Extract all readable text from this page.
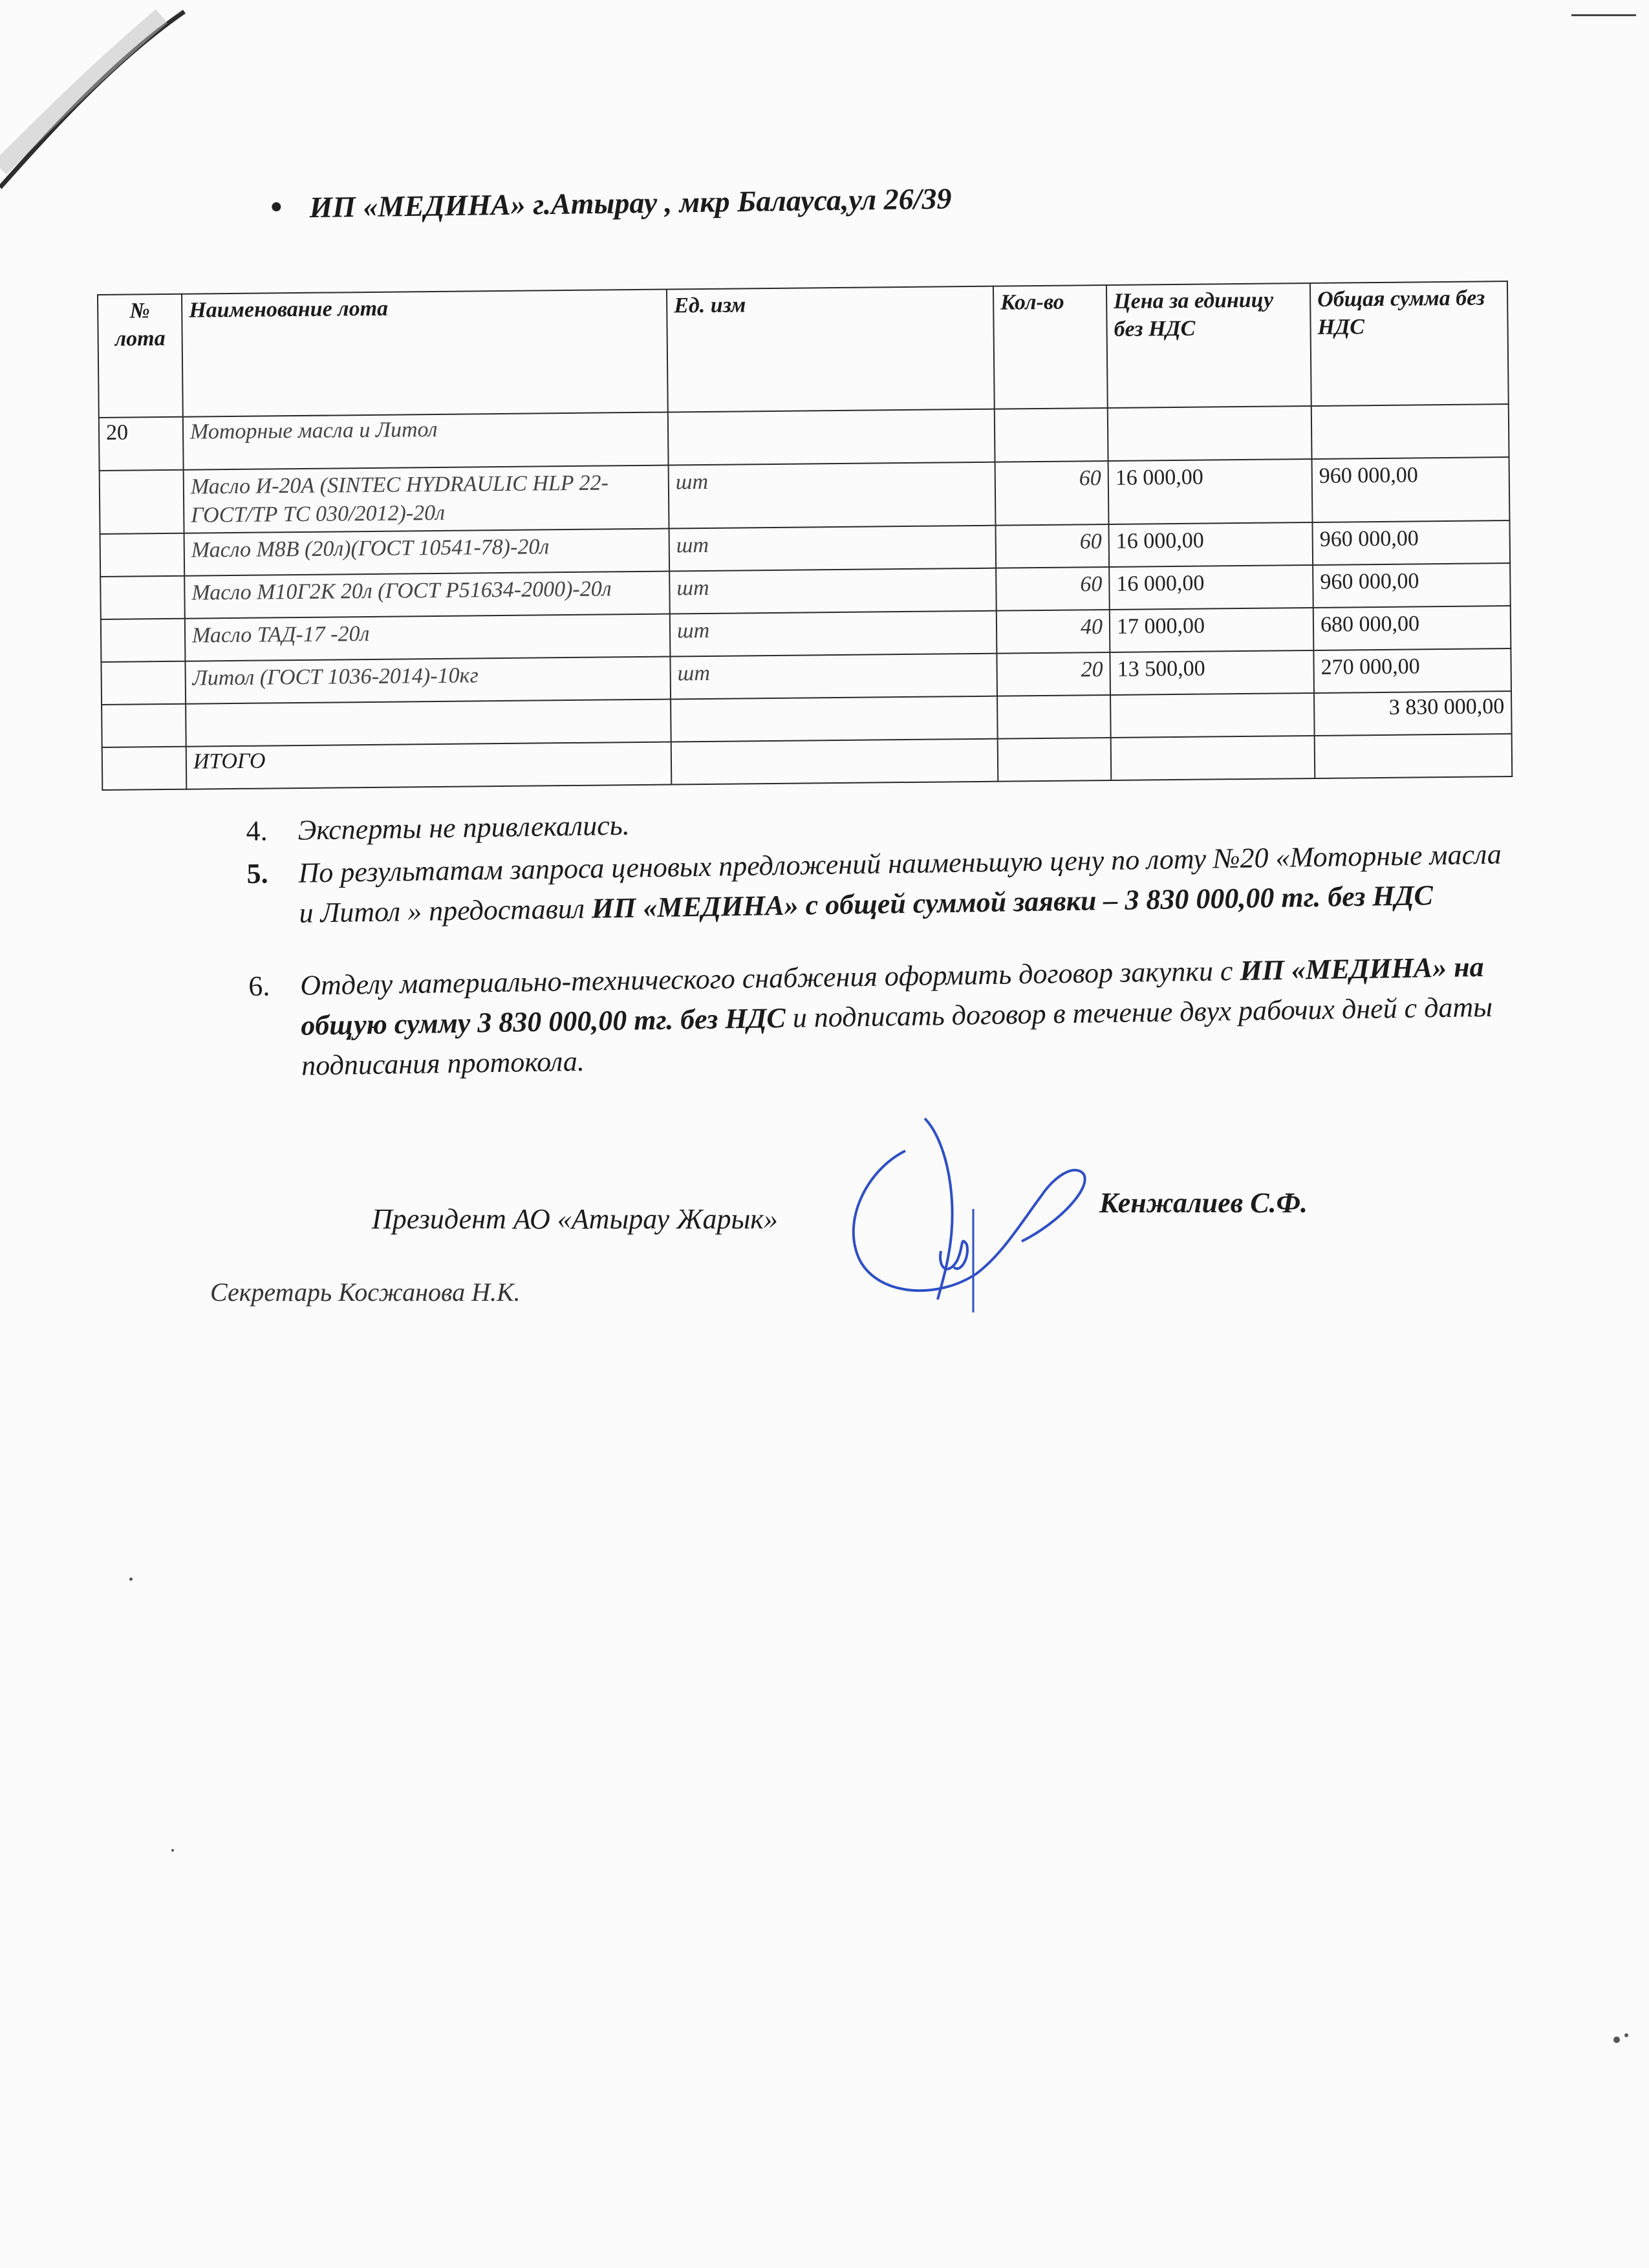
ИП «МЕДИНА» г.Атырау , мкр Балауса,ул 26/39
№ лота	Наименование лота	Ед. изм	Кол-во	Цена за единицу без НДС	Общая сумма без НДС
20	Моторные масла и Литол				
	Масло И-20А (SINTEC HYDRAULIC HLP 22-ГОСТ/ТР ТС 030/2012)-20л	шт	60	16 000,00	960 000,00
	Масло М8В (20л)(ГОСТ 10541-78)-20л	шт	60	16 000,00	960 000,00
	Масло М10Г2К 20л (ГОСТ Р51634-2000)-20л	шт	60	16 000,00	960 000,00
	Масло ТАД-17 -20л	шт	40	17 000,00	680 000,00
	Литол (ГОСТ 1036-2014)-10кг	шт	20	13 500,00	270 000,00
					3 830 000,00
	ИТОГО				
4. Эксперты не привлекались.
5. По результатам запроса ценовых предложений наименьшую цену по лоту №20 «Моторные масла и Литол » предоставил ИП «МЕДИНА» с общей суммой заявки – 3 830 000,00 тг. без НДС
6. Отделу материально-технического снабжения оформить договор закупки с ИП «МЕДИНА» на общую сумму 3 830 000,00 тг. без НДС и подписать договор в течение двух рабочих дней с даты подписания протокола.
Президент АО «Атырау Жарык»
Кенжалиев С.Ф.
Секретарь Косжанова Н.К.
